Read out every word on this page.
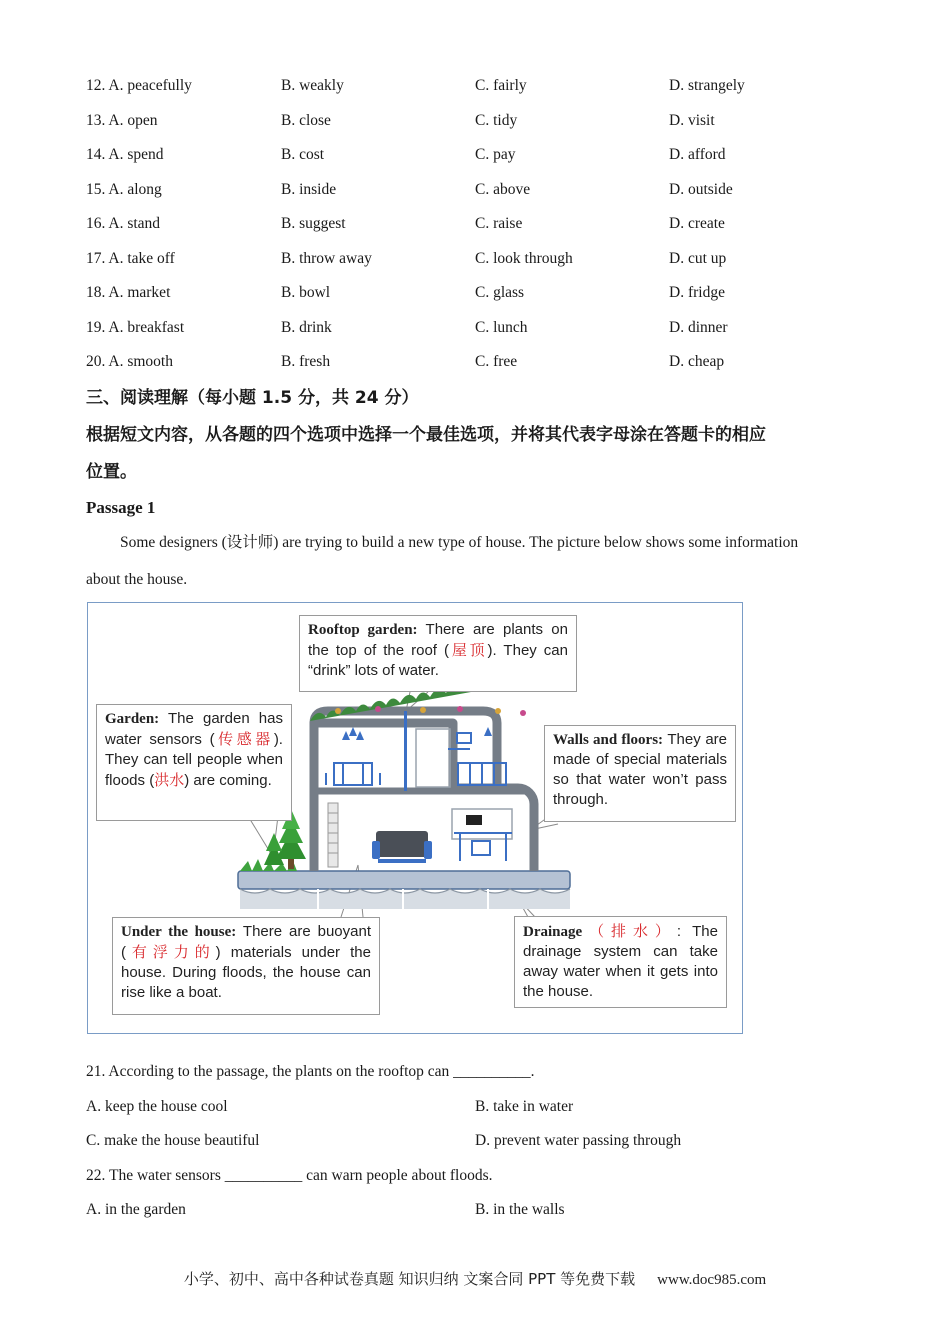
12. A. peacefully	B. weakly	C. fairly	D. strangely
13. A. open	B. close	C. tidy	D. visit
14. A. spend	B. cost	C. pay	D. afford
15. A. along	B. inside	C. above	D. outside
16. A. stand	B. suggest	C. raise	D. create
17. A. take off	B. throw away	C. look through	D. cut up
18. A. market	B. bowl	C. glass	D. fridge
19. A. breakfast	B. drink	C. lunch	D. dinner
20. A. smooth	B. fresh	C. free	D. cheap
三、阅读理解（每小题 1.5 分，共 24 分）
根据短文内容，从各题的四个选项中选择一个最佳选项，并将其代表字母涂在答题卡的相应
位置。
Passage 1
Some designers (设计师) are trying to build a new type of house. The picture below shows some information
about the house.
Rooftop garden: There are plants on the top of the roof (屋顶). They can “drink” lots of water.
Garden: The garden has water sensors (传感器). They can tell people when floods (洪水) are coming.
Walls and floors: They are made of special materials so that water won’t pass through.
Under the house: There are buoyant (有浮力的) materials under the house. During floods, the house can rise like a boat.
Drainage（排水）: The drainage system can take away water when it gets into the house.
21. According to the passage, the plants on the rooftop can __________.
A. keep the house cool	B. take in water
C. make the house beautiful	D. prevent water passing through
22. The water sensors __________ can warn people about floods.
A. in the garden	B. in the walls
小学、初中、高中各种试卷真题 知识归纳 文案合同 PPT 等免费下载 www.doc985.com
